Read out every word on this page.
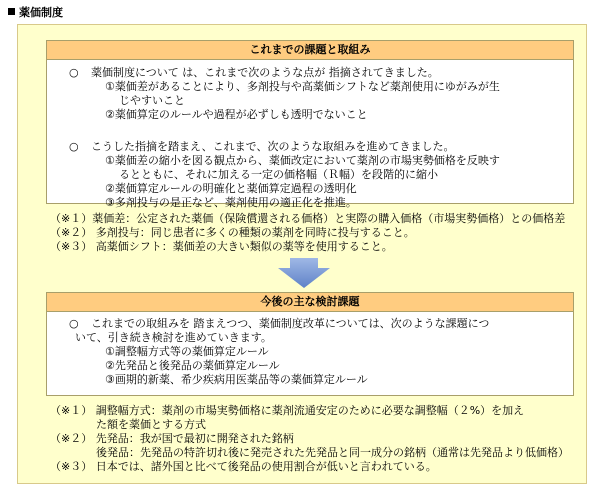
薬価制度
これまでの課題と取組み
○ 薬価制度について は、これまで次のような点が 指摘されてきました。
①薬価差があることにより、多剤投与や高薬価シフトなど薬剤使用にゆがみが生
じやすいこと
②薬価算定のルールや過程が必ずしも透明でないこと
○ こうした指摘を踏まえ、これまで、次のような取組みを進めてきました。
①薬価差の縮小を図る観点から、薬価改定において薬剤の市場実勢価格を反映す
るとともに、それに加える一定の価格幅（Ｒ幅）を段階的に縮小
②薬価算定ルールの明確化と薬価算定過程の透明化
③多剤投与の是正など、薬剤使用の適正化を推進。
（※１）薬価差：公定された薬価（保険償還される価格）と実際の購入価格（市場実勢価格）との価格差
（※２） 多剤投与：同じ患者に多くの種類の薬剤を同時に投与すること。
（※３） 高薬価シフト：薬価差の大きい類似の薬等を使用すること。
今後の主な検討課題
○ これまでの取組みを 踏まえつつ、薬価制度改革については、次のような課題につ
いて、引き続き検討を進めていきます。
①調整幅方式等の薬価算定ルール
②先発品と後発品の薬価算定ルール
③画期的新薬、希少疾病用医薬品等の薬価算定ルール
（※１） 調整幅方式：薬剤の市場実勢価格に薬剤流通安定のために必要な調整幅（２%）を加え
た額を薬価とする方式
（※２） 先発品：我が国で最初に開発された銘柄
後発品：先発品の特許切れ後に発売された先発品と同一成分の銘柄（通常は先発品より低価格）
（※３） 日本では、諸外国と比べて後発品の使用割合が低いと言われている。
